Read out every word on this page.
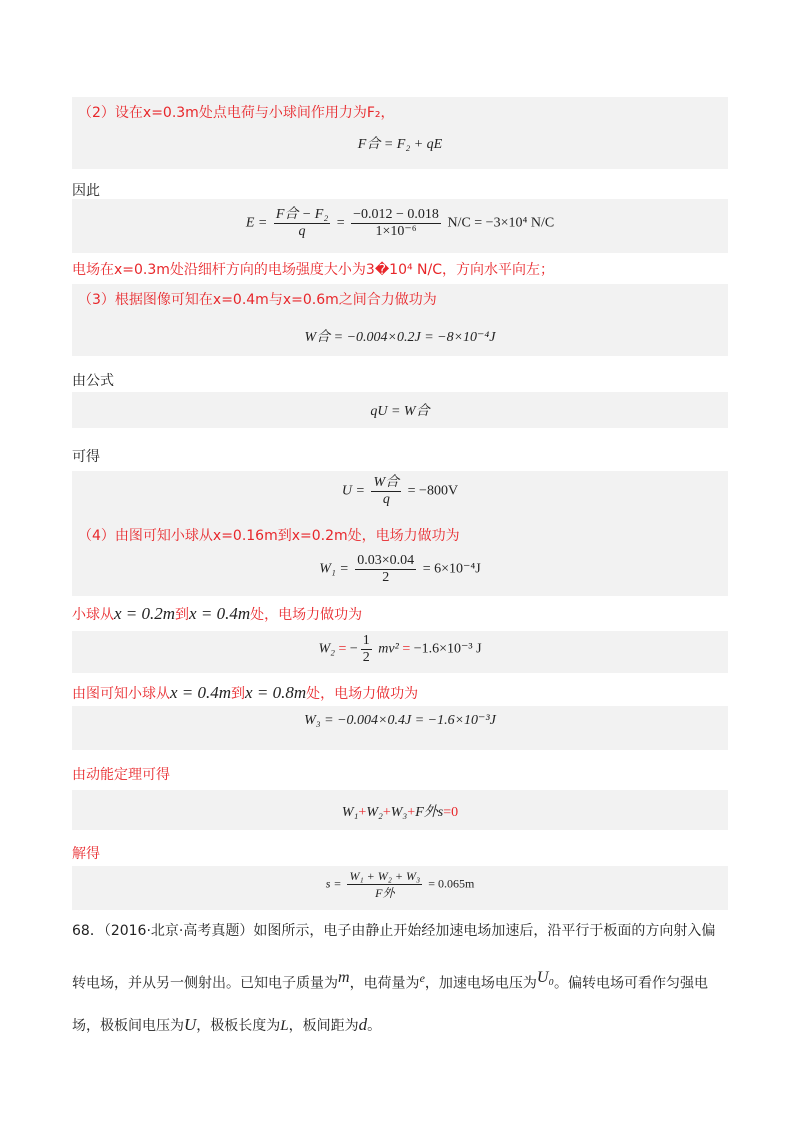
（2）设在x=0.3m处点电荷与小球间作用力为F₂，
F合 = F₂ + qE
因此
$E = \frac{\text{F合 − F₂}}{q} = \frac{-0.012 - 0.018}{\text{1×10⁻⁶}} N/C = -3\times 10^4$ N/C
电场在x=0.3m处沿细杆方向的电场强度大小为3�10⁴ N/C，方向水平向左；
（3）根据图像可知在x=0.4m与x=0.6m之间合力做功为
W合 = −0.004×0.2J = −8×10⁻⁴J
由公式
qU = W合
可得
$U = \frac{\text{W合}}{q} = -800V$
（4）由图可知小球从x=0.16m到x=0.2m处，电场力做功为
$W_1 = \frac{0.03\times 0.04}{2} = 6\times 10^{-4}J$
小球从x = 0.2m到x = 0.4m处，电场力做功为
W₂ = − $\frac{1}{2} mv^2 = -1.6\times 10^{-3}$ J
由图可知小球从x = 0.4m到x = 0.8m处，电场力做功为
W₃ = −0.004×0.4J = −1.6×10⁻³J
由动能定理可得
W₁+W₂+W₃+F外s=0
解得
$s = \frac{\text{W₁ + W₂ + W₃}}{\text{F外}} = 0.065m$
68．（2016·北京·高考真题）如图所示，电子由静止开始经加速电场加速后，沿平行于板面的方向射入偏
转电场，并从另一侧射出。已知电子质量为$^m$，电荷量为$^e$，加速电场电压为$^{U_0}$。偏转电场可看作匀强电
场，极板间电压为U，极板长度为L，板间距为d。
